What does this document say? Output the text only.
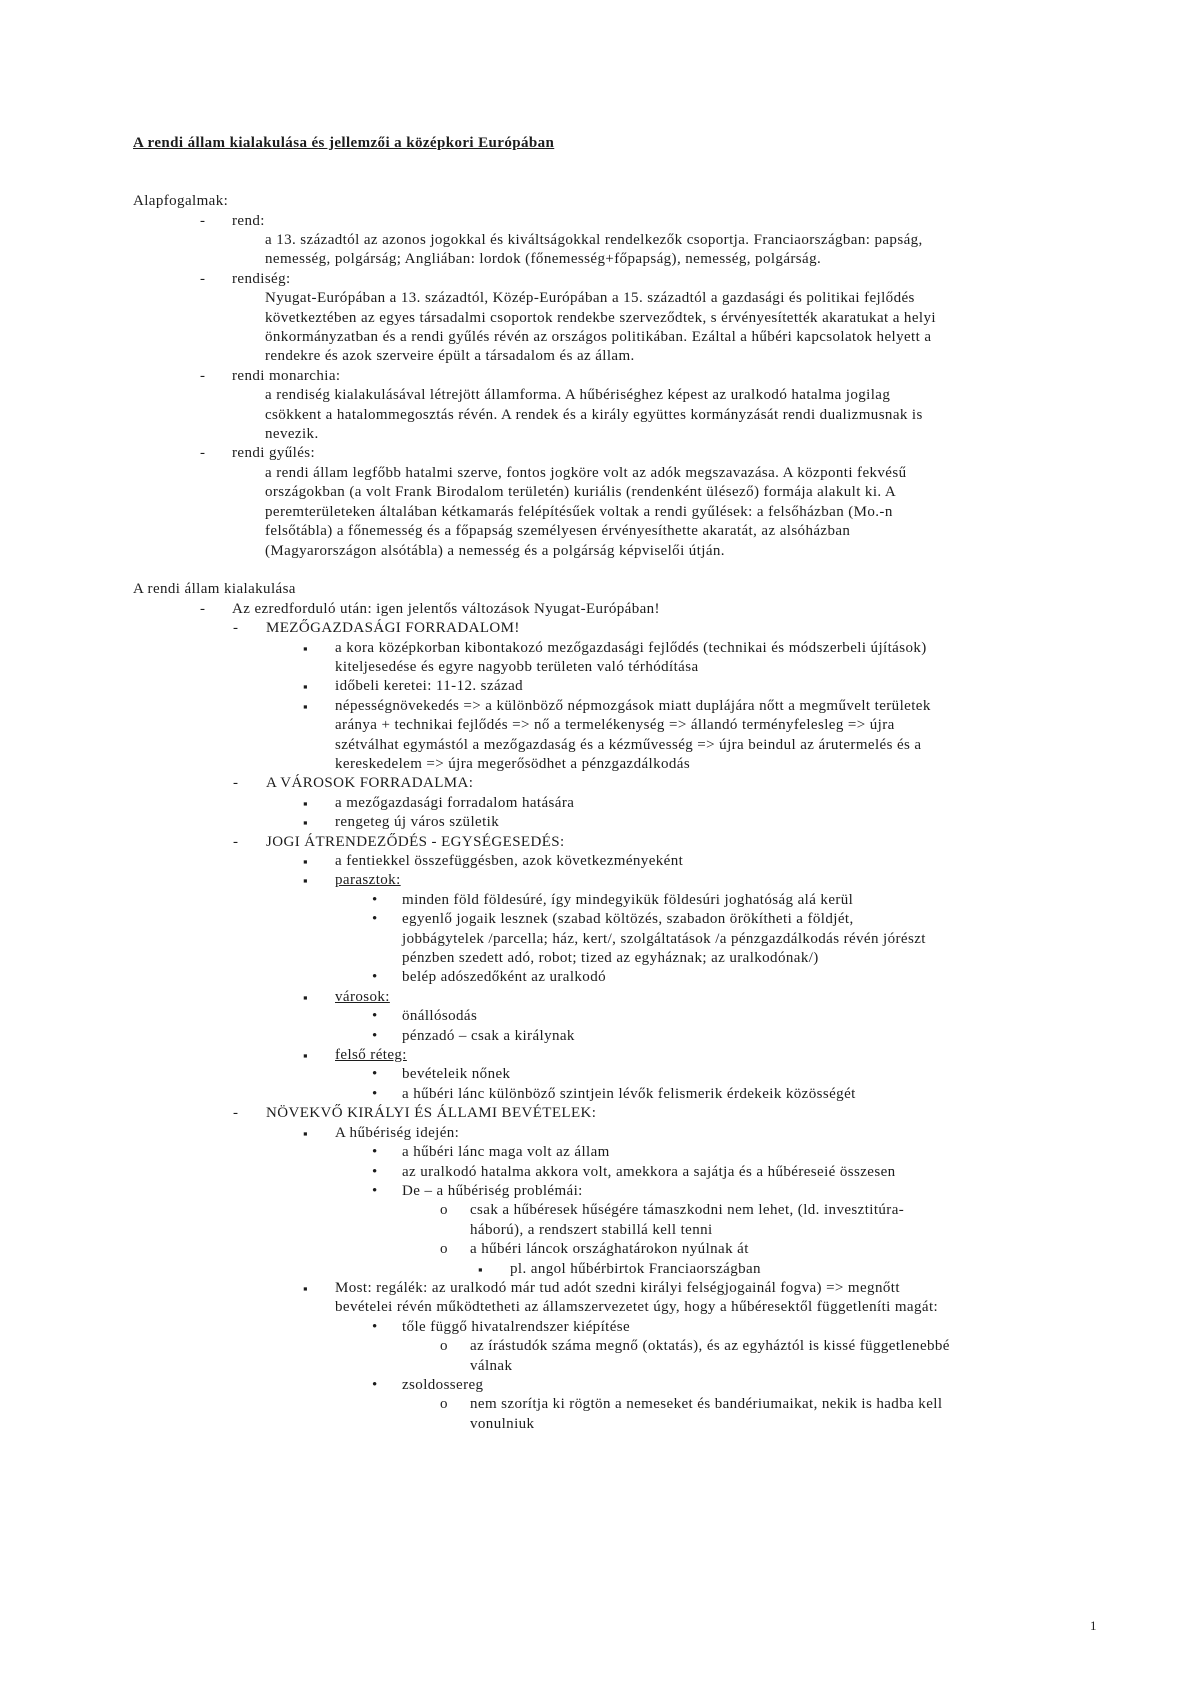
A rendi állam kialakulása és jellemzői a középkori Európában
Alapfogalmak:
-	rend:
a 13. századtól az azonos jogokkal és kiváltságokkal rendelkezők csoportja. Franciaországban: papság,
nemesség, polgárság; Angliában: lordok (főnemesség+főpapság), nemesség, polgárság.
-	rendiség:
Nyugat-Európában a 13. századtól, Közép-Európában a 15. századtól a gazdasági és politikai fejlődés
következtében az egyes társadalmi csoportok rendekbe szerveződtek, s érvényesítették akaratukat a helyi
önkormányzatban és a rendi gyűlés révén az országos politikában. Ezáltal a hűbéri kapcsolatok helyett a
rendekre és azok szerveire épült a társadalom és az állam.
-	rendi monarchia:
a rendiség kialakulásával létrejött államforma. A hűbériséghez képest az uralkodó hatalma jogilag
csökkent a hatalommegosztás révén. A rendek és a király együttes kormányzását rendi dualizmusnak is
nevezik.
-	rendi gyűlés:
a rendi állam legfőbb hatalmi szerve, fontos jogköre volt az adók megszavazása. A központi fekvésű
országokban (a volt Frank Birodalom területén) kuriális (rendenként ülésező) formája alakult ki. A
peremterületeken általában kétkamarás felépítésűek voltak a rendi gyűlések: a felsőházban (Mo.-n
felsőtábla) a főnemesség és a főpapság személyesen érvényesíthette akaratát, az alsóházban
(Magyarországon alsótábla) a nemesség és a polgárság képviselői útján.
A rendi állam kialakulása
- Az ezredforduló után: igen jelentős változások Nyugat-Európában!
- MEZŐGAZDASÁGI FORRADALOM!
▪ a kora középkorban kibontakozó mezőgazdasági fejlődés (technikai és módszerbeli újítások)
kiteljesedése és egyre nagyobb területen való térhódítása
▪ időbeli keretei: 11-12. század
▪ népességnövekedés => a különböző népmozgások miatt duplájára nőtt a megművelt területek
aránya + technikai fejlődés => nő a termelékenység => állandó terményfelesleg => újra
szétválhat egymástól a mezőgazdaság és a kézművesség => újra beindul az árutermelés és a
kereskedelem => újra megerősödhet a pénzgazdálkodás
- A VÁROSOK FORRADALMA:
▪ a mezőgazdasági forradalom hatására
▪ rengeteg új város születik
- JOGI ÁTRENDEZŐDÉS - EGYSÉGESEDÉS:
▪ a fentiekkel összefüggésben, azok következményeként
▪ parasztok:
• minden föld földesúré, így mindegyikük földesúri joghatóság alá kerül
• egyenlő jogaik lesznek (szabad költözés, szabadon örökítheti a földjét,
jobbágytelek /parcella; ház, kert/, szolgáltatások /a pénzgazdálkodás révén jórészt
pénzben szedett adó, robot; tized az egyháznak; az uralkodónak/)
• belép adószedőként az uralkodó
▪ városok:
• önállósodás
• pénzadó – csak a királynak
▪ felső réteg:
• bevételeik nőnek
• a hűbéri lánc különböző szintjein lévők felismerik érdekeik közösségét
- NÖVEKVŐ KIRÁLYI ÉS ÁLLAMI BEVÉTELEK:
▪ A hűbériség idején:
• a hűbéri lánc maga volt az állam
• az uralkodó hatalma akkora volt, amekkora a sajátja és a hűbéreseié összesen
• De – a hűbériség problémái:
o csak a hűbéresek hűségére támaszkodni nem lehet, (ld. invesztitúra-
háború), a rendszert stabillá kell tenni
o a hűbéri láncok országhatárokon nyúlnak át
▪ pl. angol hűbérbirtok Franciaországban
▪ Most: regálék: az uralkodó már tud adót szedni királyi felségjogainál fogva) => megnőtt
bevételei révén működtetheti az államszervezetet úgy, hogy a hűbéresektől függetleníti magát:
• tőle függő hivatalrendszer kiépítése
o az írástudók száma megnő (oktatás), és az egyháztól is kissé függetlenebbé
válnak
• zsoldossereg
o nem szorítja ki rögtön a nemeseket és bandériumaikat, nekik is hadba kell
vonulniuk
1
